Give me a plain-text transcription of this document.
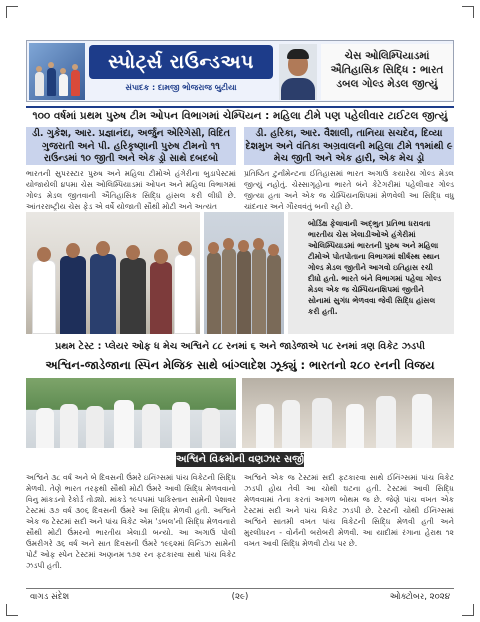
સ્પોર્ટ્સ રાઉન્ડઅપ
સંપાદક : દામજી ભોજરાજ બુટીયા
ચેસ ઓલિમ્પિયાડમાં ઐતિહાસિક સિદ્ધિ : ભારત ડબલ ગોલ્ડ મેડલ જીત્યું
૧૦૦ વર્ષમાં પ્રથમ પુરુષ ટીમ ઓપન વિભાગમાં ચેમ્પિયન : મહિલા ટીમે પણ પહેલીવાર ટાઈટલ જીત્યું
ડી. ગુકેશ, આર. પ્રજ્ઞાનંદા, અર્જુન એરિગેસી, વિદિત ગુજરાતી અને પી. હરિકૃષ્ણાની પુરુષ ટીમનો ૧૧ રાઉન્ડમાં ૧૦ જીતી અને એક ડ્રો સાથે દબદબો
ડી. હરિકા, આર. વૈશાલી, તાનિયા સચદેવ, દિવ્યા દેશમુખ અને વંતિકા અગ્રવાલની મહિલા ટીમે ૧૧માંથી ૯ મેચ જીતી અને એક હારી, એક મેચ ડ્રો
ભારતની સુપરસ્ટાર પુરુષ અને મહિલા ટીમોએ હંગેરીના બુડાપેસ્ટમાં યોજાયેલી ૪૫મા ચેસ ઓલિમ્પિયાડમાં ઓપન અને મહિલા વિભાગમાં ગોલ્ડ મેડલ જીતવાની ઐતિહાસિક સિદ્ધિ હાંસલ કરી લીધી છે. આંતરરાષ્ટ્રીય ચેસ ફેડ એ વર્ષે યોજાતી સૌથી મોટી અને અત્યંત
પ્રતિષ્ઠિત ટુર્નામેન્ટના ઈતિહાસમાં ભારત અગાઉ કયારેય ગોલ્ડ મેડલ જીત્યું નહોતું. ચેસ્સાગૃહોના ભારતે બંને કેટેગરીમાં પહેલીવાર ગોલ્ડ જીત્યા હતા અને એક જ ચેમ્પિયનશિપમાં મેળવેલી આ સિદ્ધિ વધુ ચાંદનાર અને ગૌરવવંતું બની રહી છે.
બોર્ડિક્ષ ફેલાવાની અદ્ભુત પ્રતિભા ધરાવતા ભારતીય ચેસ ખેલાડીઓએ હંગેરીમાં ઓલિમ્પિયાડમાં ભારતની પુરુષ અને મહિલા ટીમોએ પોતપોતાના વિભાગમાં શીર્ષસ્થ સ્થાન ગોલ્ડ મેડલ જીતીને આગવો ઇતિહાસ રચી દીધો હતો. ભારતે બંને વિભાગમાં પહેલા ગોલ્ડ મેડલ એક જ ચેમ્પિયનશિપમાં જીતીને સોનામાં સુગંધ ભેળવવા જેવી સિદ્ધિ હાંસલ કરી હતી.
પ્રથમ ટેસ્ટ : પ્લેયર ઓફ ધ મેચ અશ્વિને ૮૮ રનમાં ૬ અને જાડેજાએ ૫૮ રનમાં ત્રણ વિકેટ ઝડપી
અશ્વિન-જાડેજાના સ્પિન મેજિક સાથે બાંગ્લાદેશ ઝૂક્યું : ભારતનો ૨૮૦ રનની વિજય
અશ્વિને વિક્રમોની વણઝાર સર્જી
અશ્વિને ૩૮ વર્ષ અને બે દિવસની ઉંમરે ઇનિંગ્સમાં પાંચ વિકેટની સિદ્ધિ મેળવી. તેણે ભારત તરફથી સૌથી મોટી ઉંમરે આવી સિદ્ધિ મેળવવાનો વિનુ માંકડનો રેકોર્ડ તોડ્યો. માંકડે ૧૯૫૫માં પાકિસ્તાન સામેની પેશાવર ટેસ્ટમાં ૩૭ વર્ષ ૩૦૬ દિવસની ઉંમરે આ સિદ્ધિ મેળવી હતી. અશ્વિને એક જ ટેસ્ટમાં સદી અને પાંચ વિકેટ એમ 'ડબલ'ની સિદ્ધિ મેળવનારો સૌથી મોટી ઉંમરનો ભારતીય ખેલાડી બન્યો. આ અગાઉ પોલી ઉમરીગરે ૩૬ વર્ષ અને સાત દિવસની ઉંમરે ૧૯૬૨માં વિન્ડિઝ સામેની પોર્ટ ઓફ સ્પેન ટેસ્ટમાં અણનમ ૧૭૨ રન ફટકારવા સાથે પાંચ વિકેટ ઝડપી હતી.
અશ્વિને એક જ ટેસ્ટમાં સદી ફટકારવા સાથે ઈનિંગ્સમાં પાંચ વિકેટ ઝડપી હોય તેવી આ ચોથી ઘટના હતી. ટેસ્ટમાં આવી સિદ્ધિ મેળવવામાં તેના કરતાં આગળ બોથમ જ છે. જેણે પાંચ વખત એક ટેસ્ટમાં સદી અને પાંચ વિકેટ ઝડપી છે. ટેસ્ટની ચોથી ઈનિંગ્સમાં અશ્વિને સાતમી વખત પાંચ વિકેટની સિદ્ધિ મેળવી હતી અને મુરલીધરન - વોર્નની બરોબરી મેળવી. આ યાદીમાં રંગાના હેરાથ ૧૨ વખત આવી સિદ્ધિ મેળવી ટોચ પર છે.
વાગડ સંદેશ	(૨૯)	ઓક્ટોબર, ૨૦૨૪
